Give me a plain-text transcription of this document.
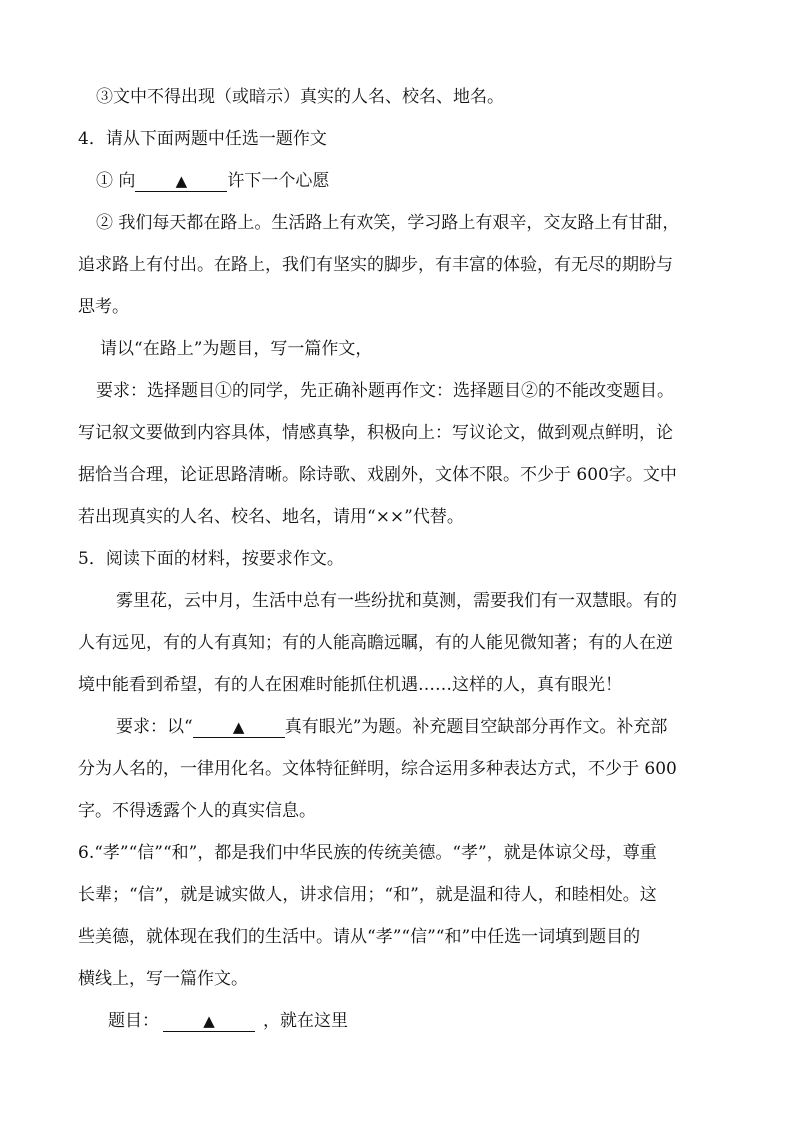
③文中不得出现（或暗示）真实的人名、校名、地名。
4．请从下面两题中任选一题作文
① 向	▲ 许下一个心愿
② 我们每天都在路上。生活路上有欢笑，学习路上有艰辛，交友路上有甘甜，
追求路上有付出。在路上，我们有坚实的脚步，有丰富的体验，有无尽的期盼与
思考。
请以“在路上”为题目，写一篇作文，
要求：选择题目①的同学，先正确补题再作文：选择题目②的不能改变题目。
写记叙文要做到内容具体，情感真挚，积极向上：写议论文，做到观点鲜明，论
据恰当合理，论证思路清晰。除诗歌、戏剧外，文体不限。不少于 600字。文中
若出现真实的人名、校名、地名，请用“××”代替。
5．阅读下面的材料，按要求作文。
雾里花，云中月，生活中总有一些纷扰和莫测，需要我们有一双慧眼。有的
人有远见，有的人有真知；有的人能高瞻远瞩，有的人能见微知著；有的人在逆
境中能看到希望，有的人在困难时能抓住机遇……这样的人，真有眼光！
要求：以“	▲ 真有眼光”为题。补充题目空缺部分再作文。补充部
分为人名的，一律用化名。文体特征鲜明，综合运用多种表达方式，不少于 600
字。不得透露个人的真实信息。
6.“孝”“信”“和”，都是我们中华民族的传统美德。“孝”，就是体谅父母，尊重
长辈；“信”，就是诚实做人，讲求信用；“和”，就是温和待人，和睦相处。这
些美德，就体现在我们的生活中。请从“孝”“信”“和”中任选一词填到题目的
横线上，写一篇作文。
题目：	▲	，就在这里
